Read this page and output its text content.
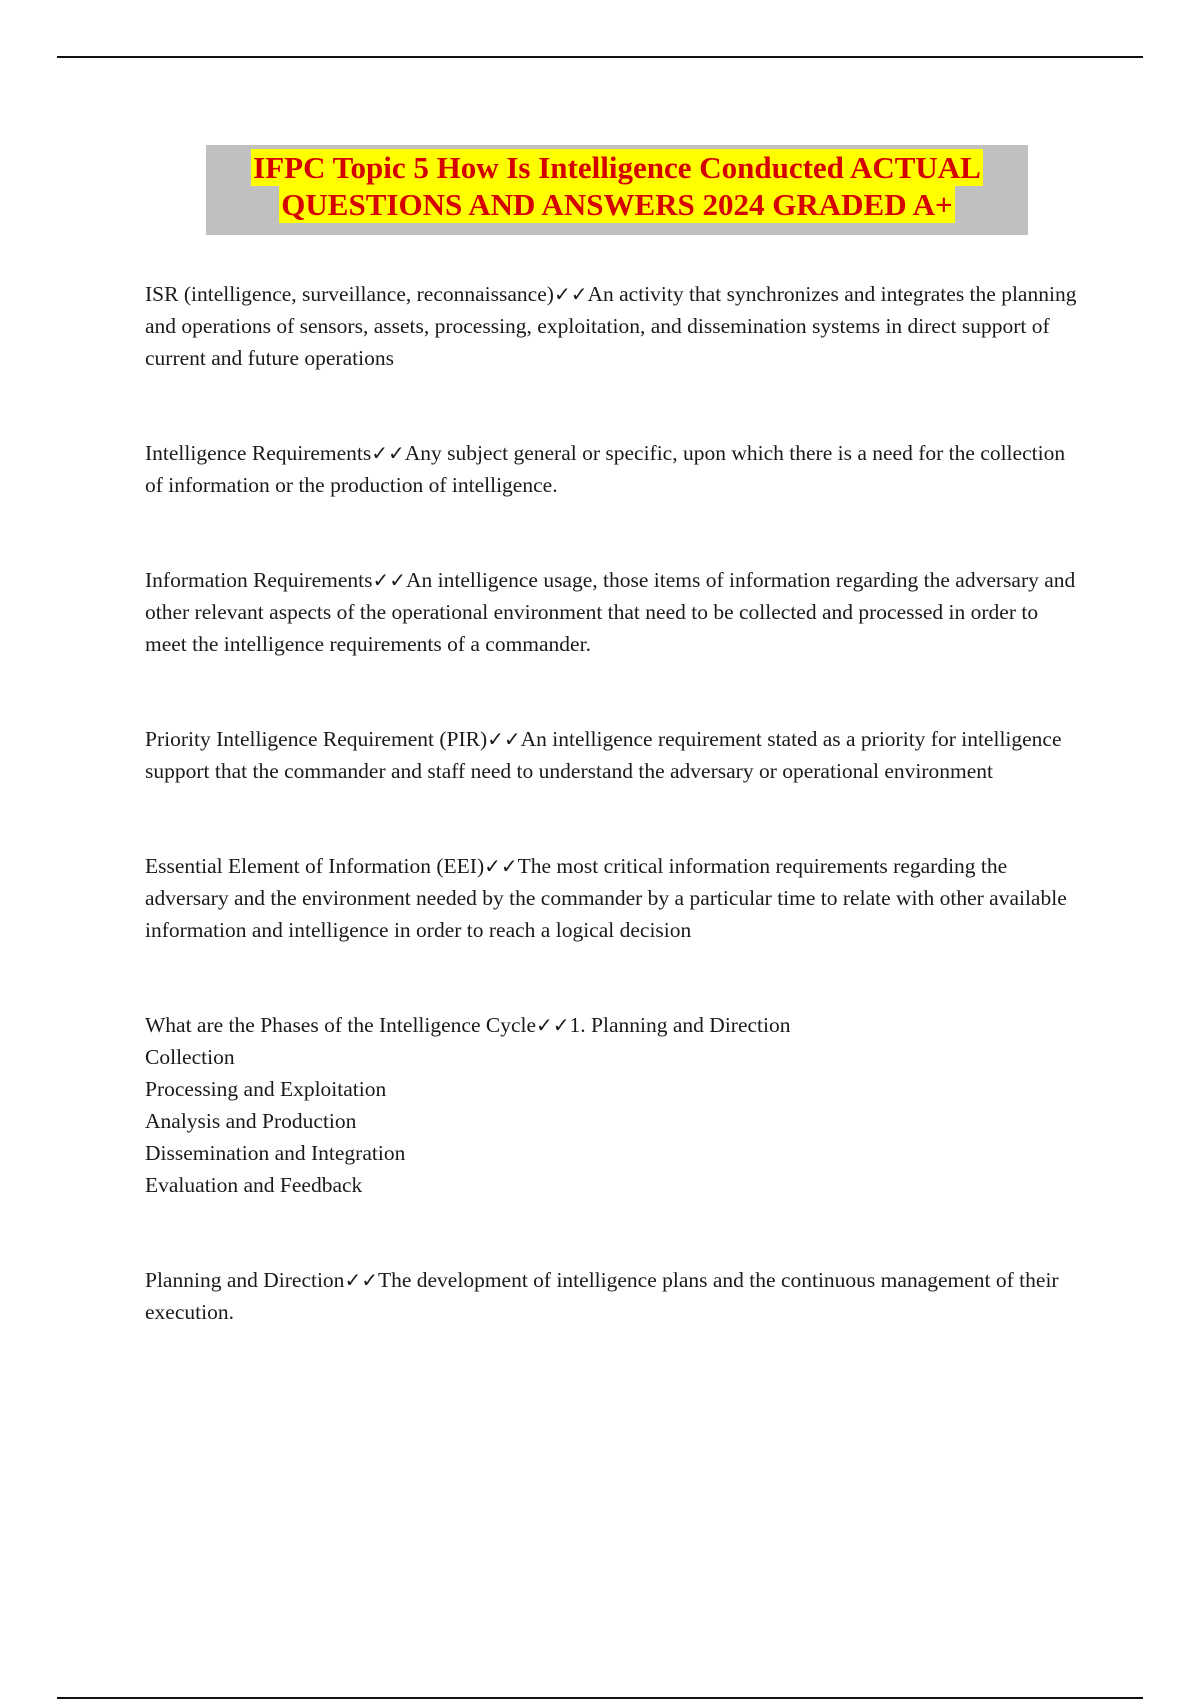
IFPC Topic 5 How Is Intelligence Conducted ACTUAL
QUESTIONS AND ANSWERS 2024 GRADED A+

ISR (intelligence, surveillance, reconnaissance)✓✓An activity that synchronizes and integrates the planning and operations of sensors, assets, processing, exploitation, and dissemination systems in direct support of current and future operations

Intelligence Requirements✓✓Any subject general or specific, upon which there is a need for the collection of information or the production of intelligence.

Information Requirements✓✓An intelligence usage, those items of information regarding the adversary and other relevant aspects of the operational environment that need to be collected and processed in order to meet the intelligence requirements of a commander.

Priority Intelligence Requirement (PIR)✓✓An intelligence requirement stated as a priority for intelligence support that the commander and staff need to understand the adversary or operational environment

Essential Element of Information (EEI)✓✓The most critical information requirements regarding the adversary and the environment needed by the commander by a particular time to relate with other available information and intelligence in order to reach a logical decision

What are the Phases of the Intelligence Cycle✓✓1. Planning and Direction

Collection

Processing and Exploitation

Analysis and Production

Dissemination and Integration

Evaluation and Feedback

Planning and Direction✓✓The development of intelligence plans and the continuous management of their execution.
